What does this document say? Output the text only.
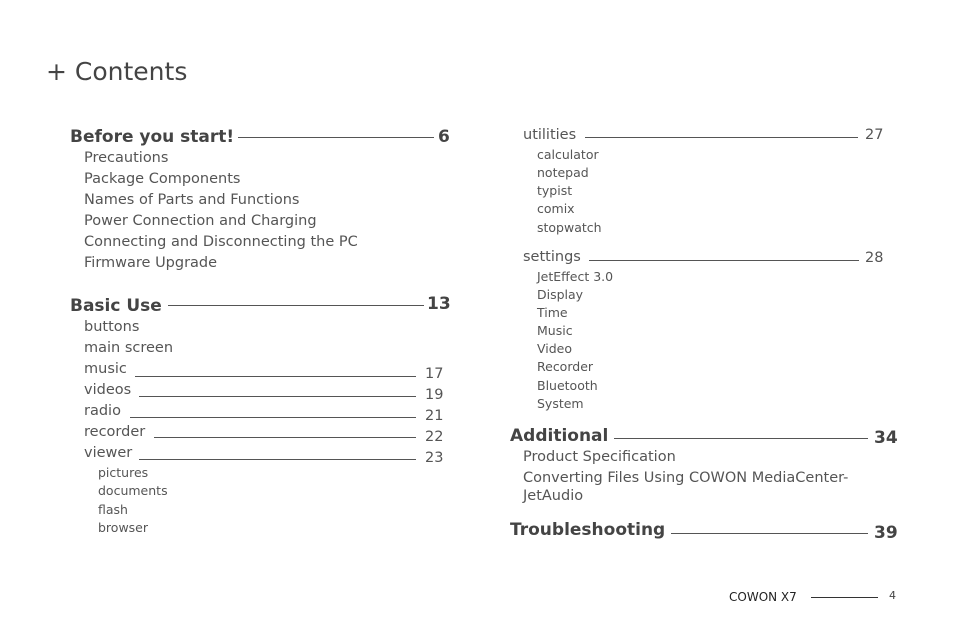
+ Contents
Before you start!	6
Precautions
Package Components
Names of Parts and Functions
Power Connection and Charging
Connecting and Disconnecting the PC
Firmware Upgrade
Basic Use	13
buttons
main screen
music	17
videos	19
radio	21
recorder	22
viewer	23
pictures
documents
flash
browser
utilities	27
calculator
notepad
typist
comix
stopwatch
settings	28
JetEffect 3.0
Display
Time
Music
Video
Recorder
Bluetooth
System
Additional	34
Product Specification
Converting Files Using COWON MediaCenter-
JetAudio
Troubleshooting	39
COWON X7	4
